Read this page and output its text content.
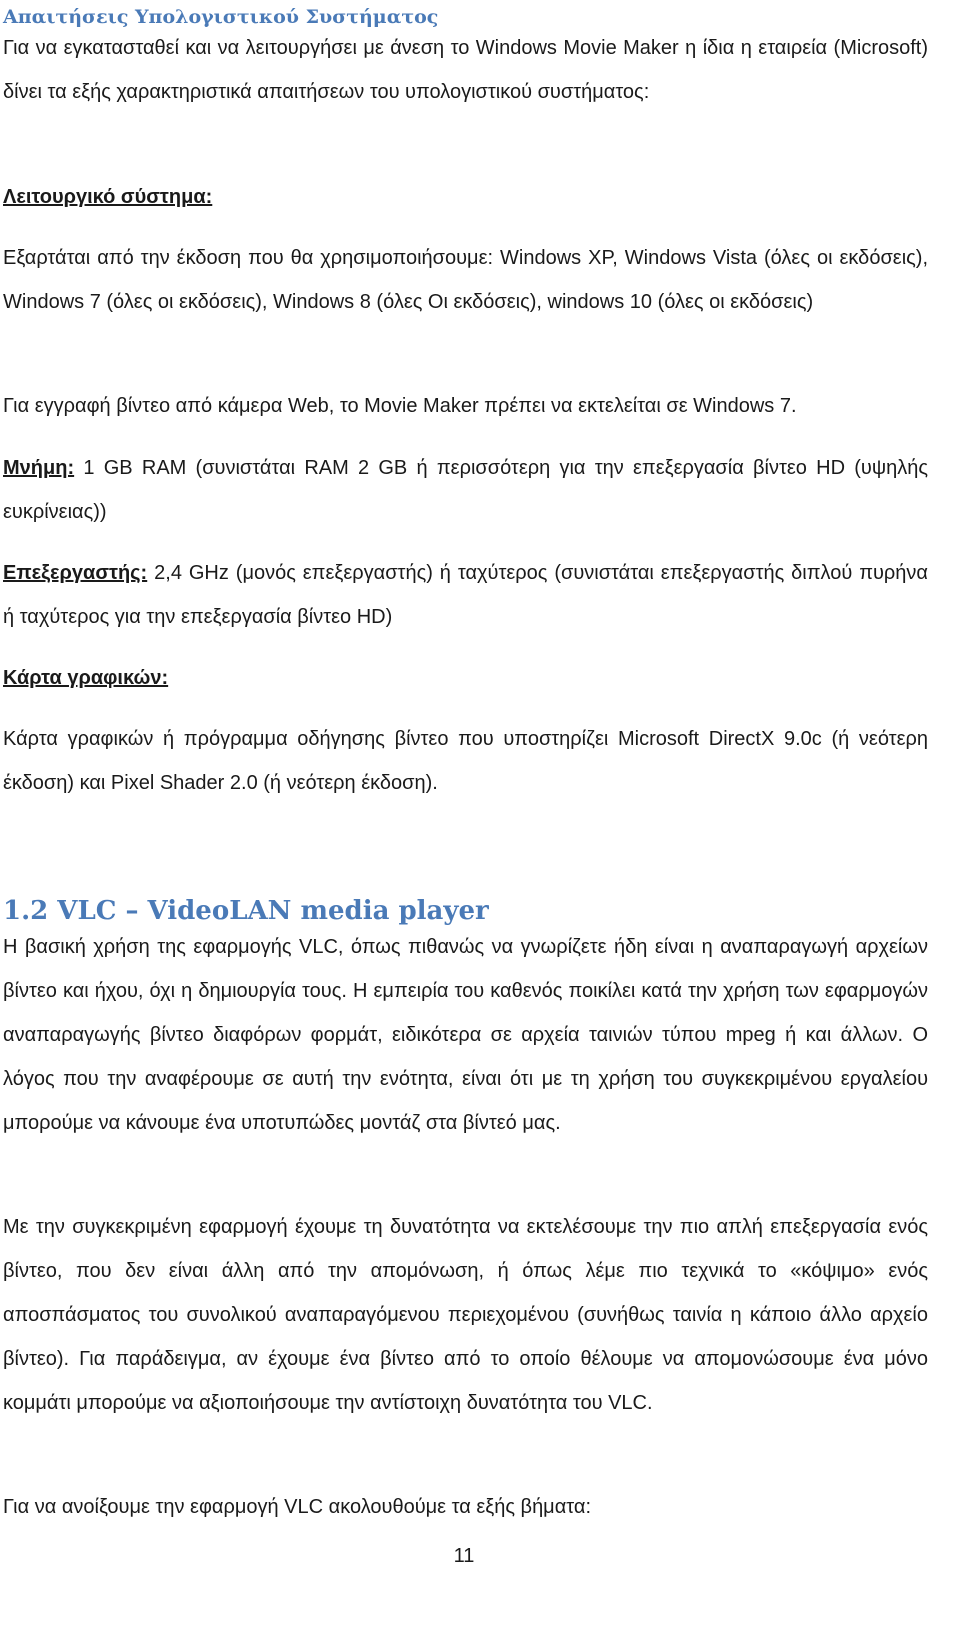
Απαιτήσεις Υπολογιστικού Συστήματος

Για να εγκατασταθεί και να λειτουργήσει με άνεση το Windows Movie Maker η ίδια η εταιρεία (Microsoft) δίνει τα εξής χαρακτηριστικά απαιτήσεων του υπολογιστικού συστήματος:

Λειτουργικό σύστημα:

Εξαρτάται από την έκδοση που θα χρησιμοποιήσουμε: Windows XP, Windows Vista (όλες οι εκδόσεις), Windows 7 (όλες οι εκδόσεις), Windows 8 (όλες Οι εκδόσεις), windows 10 (όλες οι εκδόσεις)

Για εγγραφή βίντεο από κάμερα Web, το Movie Maker πρέπει να εκτελείται σε Windows 7.

Μνήμη: 1 GB RAM (συνιστάται RAM 2 GB ή περισσότερη για την επεξεργασία βίντεο HD (υψηλής ευκρίνειας))

Επεξεργαστής: 2,4 GHz (μονός επεξεργαστής) ή ταχύτερος (συνιστάται επεξεργαστής διπλού πυρήνα ή ταχύτερος για την επεξεργασία βίντεο HD)

Κάρτα γραφικών:

Κάρτα γραφικών ή πρόγραμμα οδήγησης βίντεο που υποστηρίζει Microsoft DirectX 9.0c (ή νεότερη έκδοση) και Pixel Shader 2.0 (ή νεότερη έκδοση).

1.2 VLC – VideoLAN media player

Η βασική χρήση της εφαρμογής VLC, όπως πιθανώς να γνωρίζετε ήδη είναι η αναπαραγωγή αρχείων βίντεο και ήχου, όχι η δημιουργία τους. Η εμπειρία του καθενός ποικίλει κατά την χρήση των εφαρμογών αναπαραγωγής βίντεο διαφόρων φορμάτ, ειδικότερα σε αρχεία ταινιών τύπου mpeg ή και άλλων. Ο λόγος που την αναφέρουμε σε αυτή την ενότητα, είναι ότι με τη χρήση του συγκεκριμένου εργαλείου μπορούμε να κάνουμε ένα υποτυπώδες μοντάζ στα βίντεό μας.

Με την συγκεκριμένη εφαρμογή έχουμε τη δυνατότητα να εκτελέσουμε την πιο απλή επεξεργασία ενός βίντεο, που δεν είναι άλλη από την απομόνωση, ή όπως λέμε πιο τεχνικά το «κόψιμο» ενός αποσπάσματος του συνολικού αναπαραγόμενου περιεχομένου (συνήθως ταινία η κάποιο άλλο αρχείο βίντεο). Για παράδειγμα, αν έχουμε ένα βίντεο από το οποίο θέλουμε να απομονώσουμε ένα μόνο κομμάτι μπορούμε να αξιοποιήσουμε την αντίστοιχη δυνατότητα του VLC.

Για να ανοίξουμε την εφαρμογή VLC ακολουθούμε τα εξής βήματα:

11
